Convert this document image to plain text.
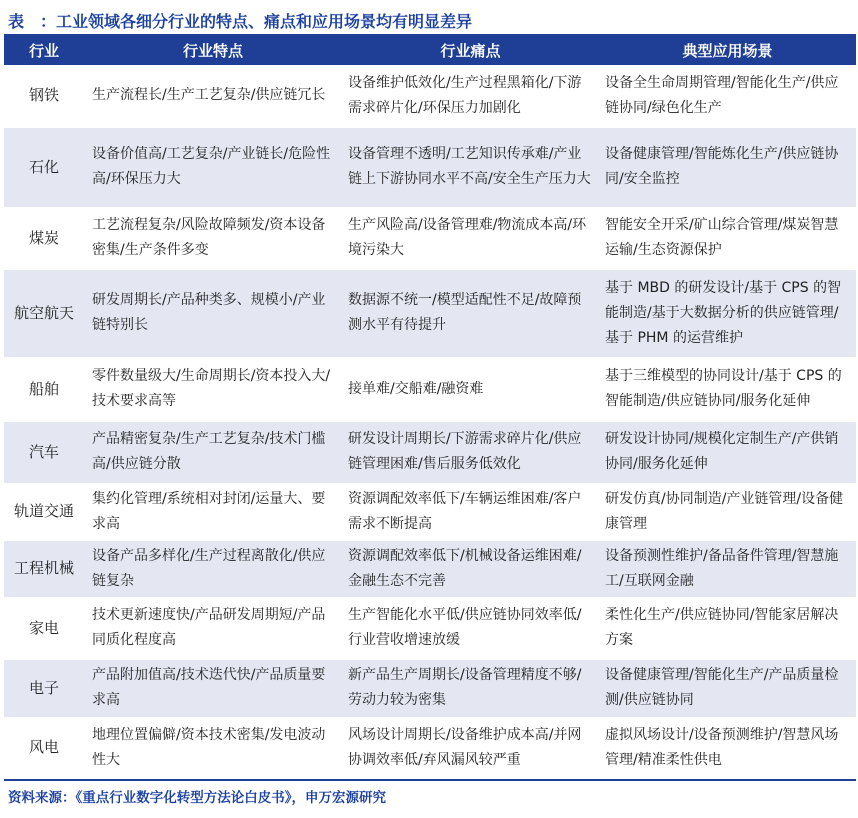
表 ：工业领域各细分行业的特点、痛点和应用场景均有明显差异
行业	行业特点	行业痛点	典型应用场景
钢铁	生产流程长/生产工艺复杂/供应链冗长	设备维护低效化/生产过程黑箱化/下游需求碎片化/环保压力加剧化	设备全生命周期管理/智能化生产/供应链协同/绿色化生产
石化	设备价值高/工艺复杂/产业链长/危险性高/环保压力大	设备管理不透明/工艺知识传承难/产业链上下游协同水平不高/安全生产压力大	设备健康管理/智能炼化生产/供应链协同/安全监控
煤炭	工艺流程复杂/风险故障频发/资本设备密集/生产条件多变	生产风险高/设备管理难/物流成本高/环境污染大	智能安全开采/矿山综合管理/煤炭智慧运输/生态资源保护
航空航天	研发周期长/产品种类多、规模小/产业链特别长	数据源不统一/模型适配性不足/故障预测水平有待提升	基于 MBD 的研发设计/基于 CPS 的智能制造/基于大数据分析的供应链管理/基于 PHM 的运营维护
船舶	零件数量级大/生命周期长/资本投入大/技术要求高等	接单难/交船难/融资难	基于三维模型的协同设计/基于 CPS 的智能制造/供应链协同/服务化延伸
汽车	产品精密复杂/生产工艺复杂/技术门槛高/供应链分散	研发设计周期长/下游需求碎片化/供应链管理困难/售后服务低效化	研发设计协同/规模化定制生产/产供销协同/服务化延伸
轨道交通	集约化管理/系统相对封闭/运量大、要求高	资源调配效率低下/车辆运维困难/客户需求不断提高	研发仿真/协同制造/产业链管理/设备健康管理
工程机械	设备产品多样化/生产过程离散化/供应链复杂	资源调配效率低下/机械设备运维困难/金融生态不完善	设备预测性维护/备品备件管理/智慧施工/互联网金融
家电	技术更新速度快/产品研发周期短/产品同质化程度高	生产智能化水平低/供应链协同效率低/行业营收增速放缓	柔性化生产/供应链协同/智能家居解决方案
电子	产品附加值高/技术迭代快/产品质量要求高	新产品生产周期长/设备管理精度不够/劳动力较为密集	设备健康管理/智能化生产/产品质量检测/供应链协同
风电	地理位置偏僻/资本技术密集/发电波动性大	风场设计周期长/设备维护成本高/并网协调效率低/弃风漏风较严重	虚拟风场设计/设备预测维护/智慧风场管理/精准柔性供电
资料来源：《重点行业数字化转型方法论白皮书》，申万宏源研究
